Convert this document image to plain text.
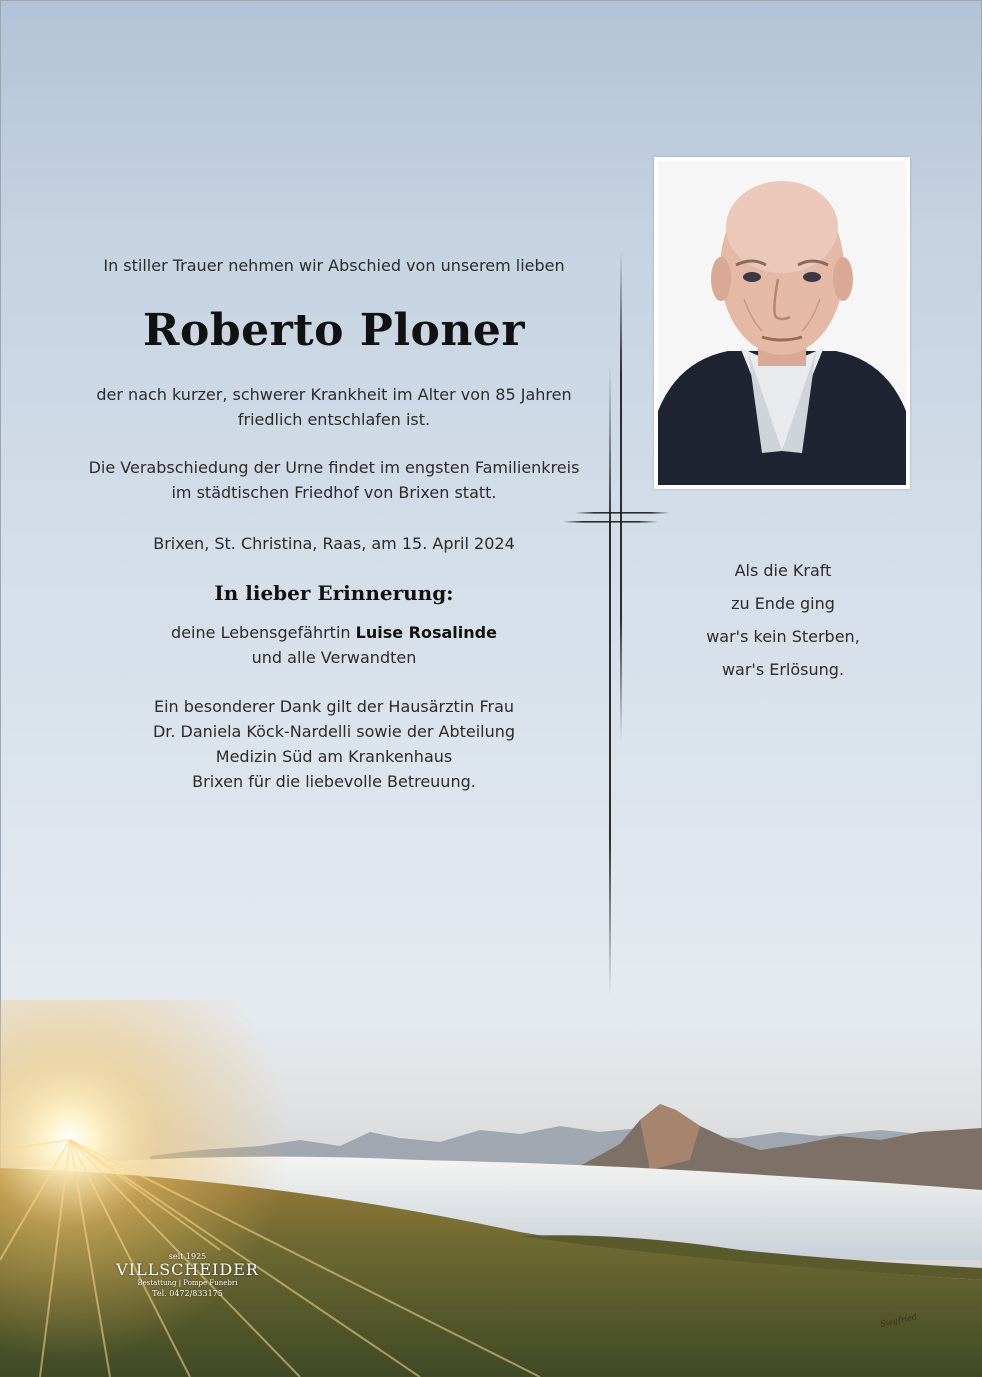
In stiller Trauer nehmen wir Abschied von unserem lieben
Roberto Ploner
der nach kurzer, schwerer Krankheit im Alter von 85 Jahren
friedlich entschlafen ist.
Die Verabschiedung der Urne findet im engsten Familienkreis
im städtischen Friedhof von Brixen statt.
Brixen, St. Christina, Raas, am 15. April 2024
In lieber Erinnerung:
deine Lebensgefährtin Luise Rosalinde
und alle Verwandten
Ein besonderer Dank gilt der Hausärztin Frau
Dr. Daniela Köck-Nardelli sowie der Abteilung
Medizin Süd am Krankenhaus
Brixen für die liebevolle Betreuung.
Als die Kraft
zu Ende ging
war's kein Sterben,
war's Erlösung.
seit 1925
VILLSCHEIDER
Bestattung | Pompe Funebri
Tel. 0472/833175
Siegfried
